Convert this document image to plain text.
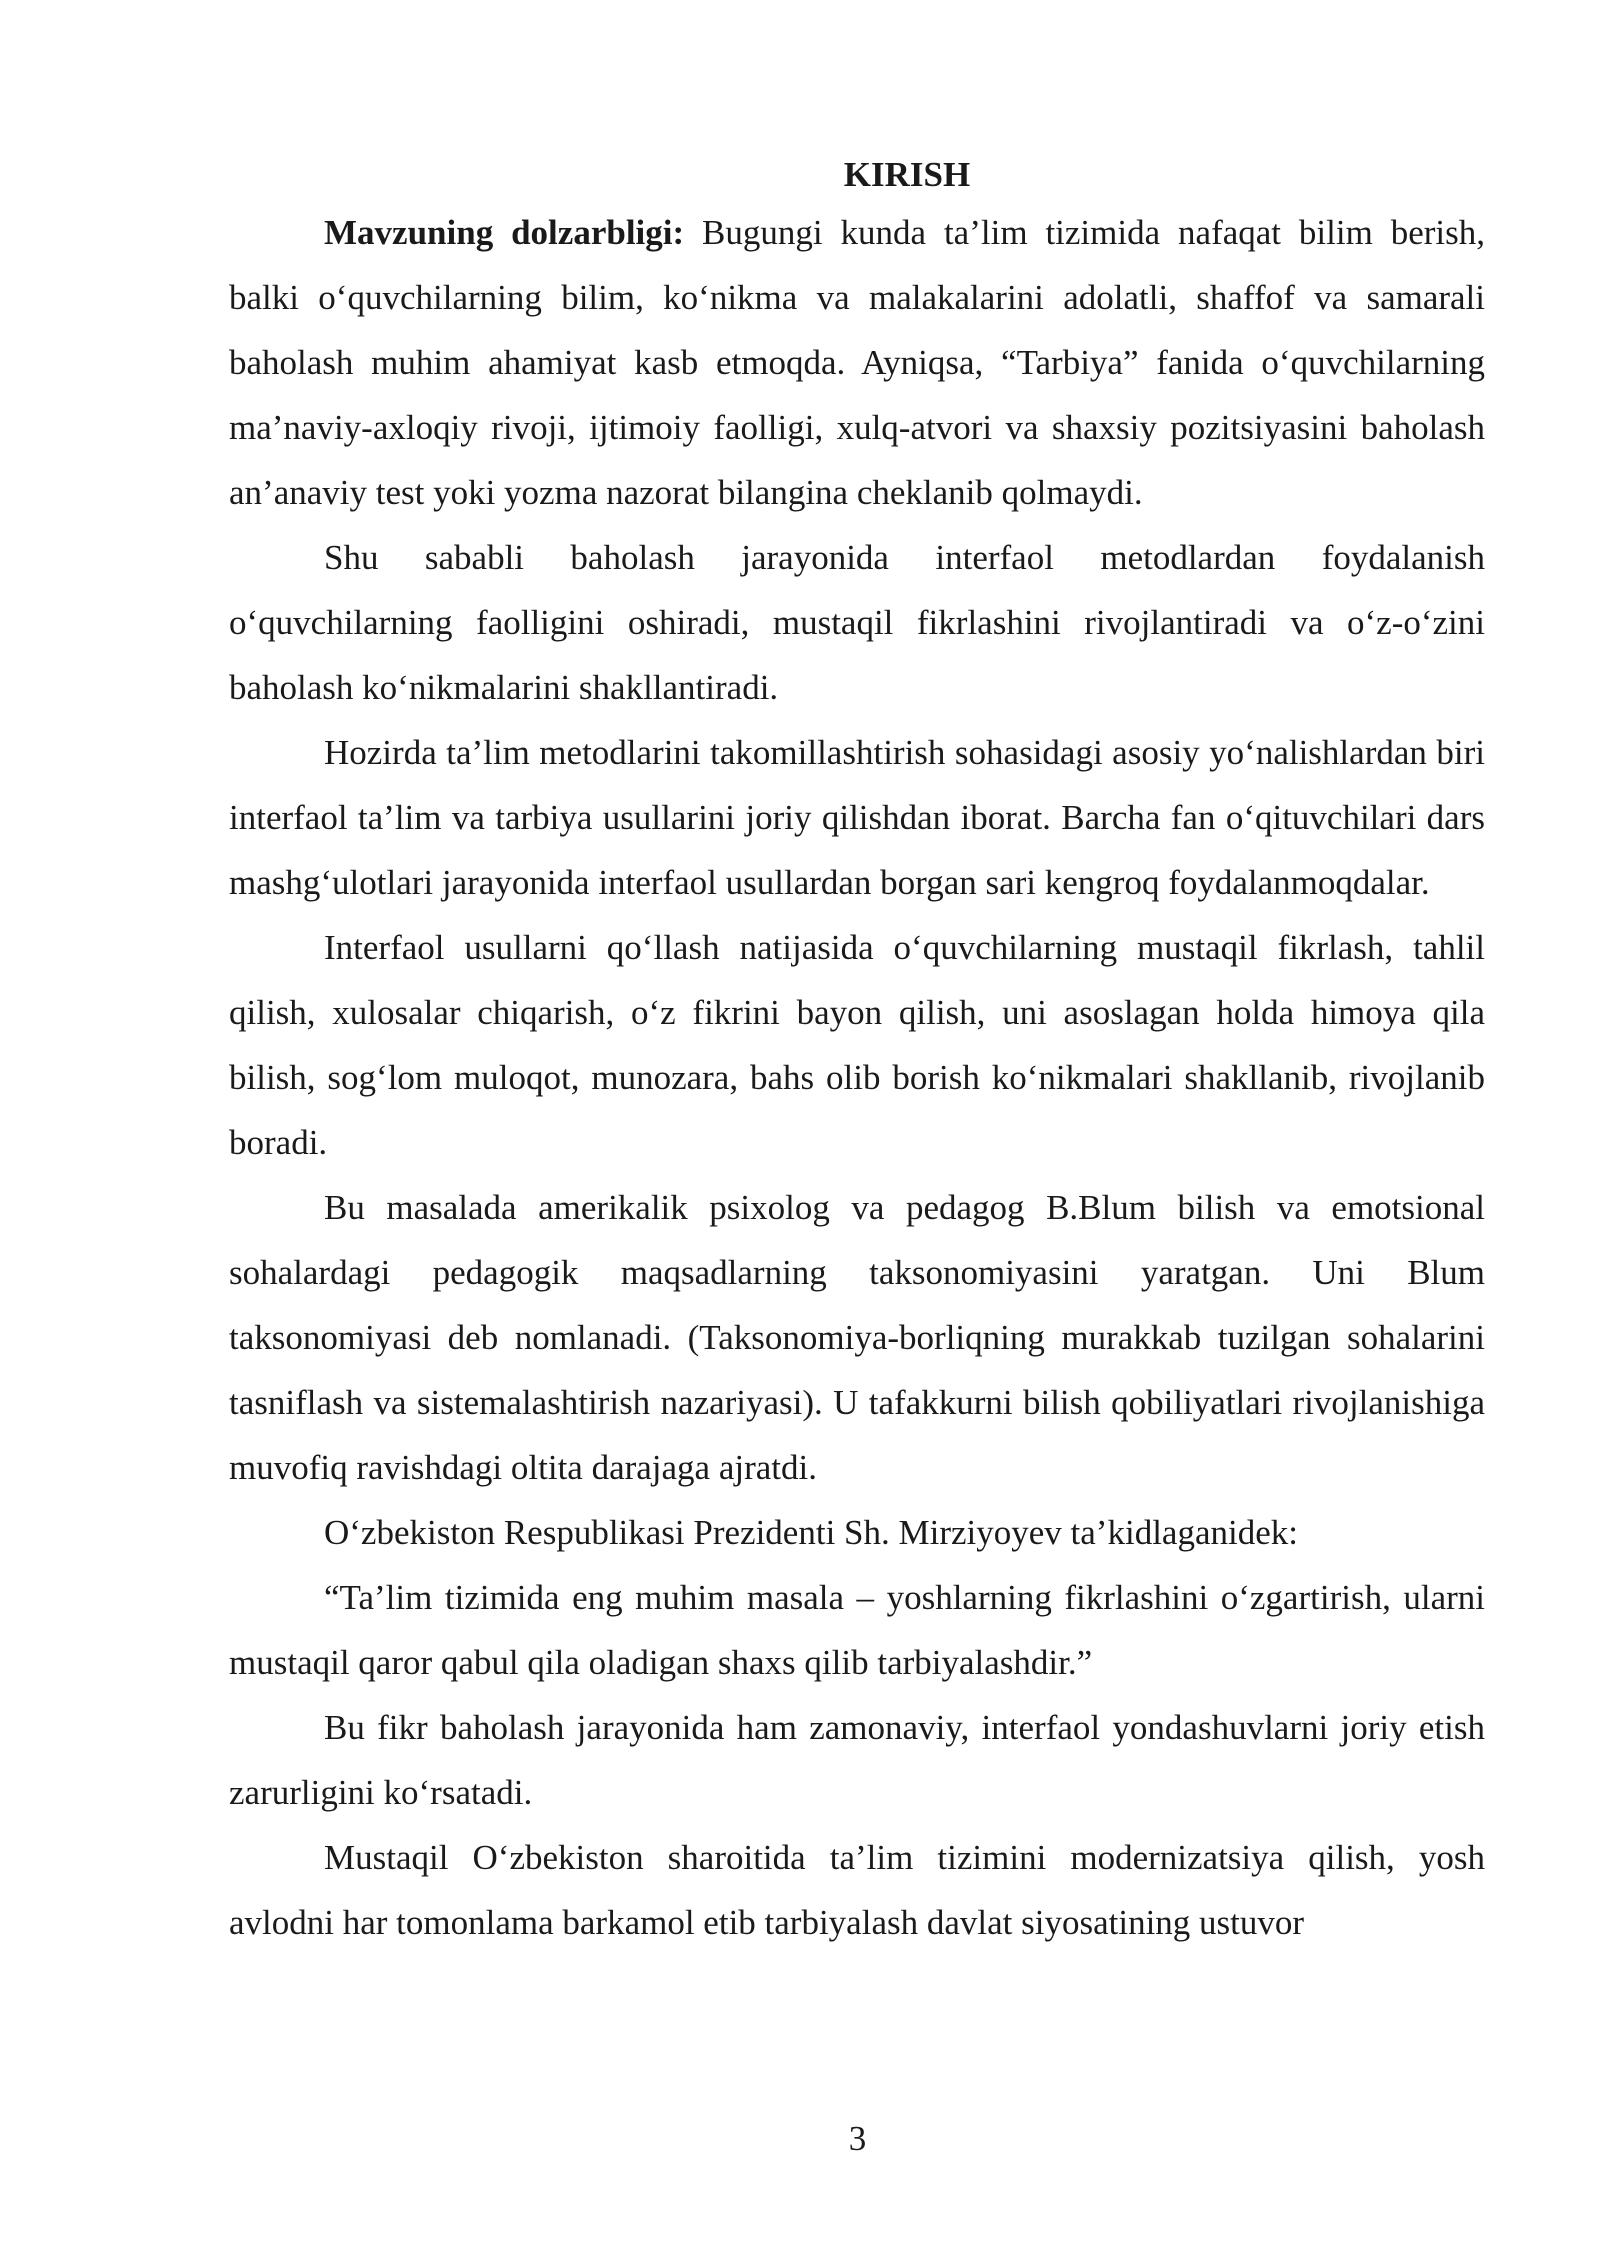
KIRISH

Mavzuning dolzarbligi: Bugungi kunda ta’lim tizimida nafaqat bilim berish, balki o‘quvchilarning bilim, ko‘nikma va malakalarini adolatli, shaffof va samarali baholash muhim ahamiyat kasb etmoqda. Ayniqsa, “Tarbiya” fanida o‘quvchilarning ma’naviy-axloqiy rivoji, ijtimoiy faolligi, xulq-atvori va shaxsiy pozitsiyasini baholash an’anaviy test yoki yozma nazorat bilangina cheklanib qolmaydi.

Shu sababli baholash jarayonida interfaol metodlardan foydalanish o‘quvchilarning faolligini oshiradi, mustaqil fikrlashini rivojlantiradi va o‘z-o‘zini baholash ko‘nikmalarini shakllantiradi.

Hozirda ta’lim metodlarini takomillashtirish sohasidagi asosiy yo‘nalishlardan biri interfaol ta’lim va tarbiya usullarini joriy qilishdan iborat. Barcha fan o‘qituvchilari dars mashg‘ulotlari jarayonida interfaol usullardan borgan sari kengroq foydalanmoqdalar.

Interfaol usullarni qo‘llash natijasida o‘quvchilarning mustaqil fikrlash, tahlil qilish, xulosalar chiqarish, o‘z fikrini bayon qilish, uni asoslagan holda himoya qila bilish, sog‘lom muloqot, munozara, bahs olib borish ko‘nikmalari shakllanib, rivojlanib boradi.

Bu masalada amerikalik psixolog va pedagog B.Blum bilish va emotsional sohalardagi pedagogik maqsadlarning taksonomiyasini yaratgan. Uni Blum taksonomiyasi deb nomlanadi. (Taksonomiya-borliqning murakkab tuzilgan sohalarini tasniflash va sistemalashtirish nazariyasi). U tafakkurni bilish qobiliyatlari rivojlanishiga muvofiq ravishdagi oltita darajaga ajratdi.

O‘zbekiston Respublikasi Prezidenti Sh. Mirziyoyev ta’kidlaganidek:

“Ta’lim tizimida eng muhim masala – yoshlarning fikrlashini o‘zgartirish, ularni mustaqil qaror qabul qila oladigan shaxs qilib tarbiyalashdir.”

Bu fikr baholash jarayonida ham zamonaviy, interfaol yondashuvlarni joriy etish zarurligini ko‘rsatadi.

Mustaqil O‘zbekiston sharoitida ta’lim tizimini modernizatsiya qilish, yosh avlodni har tomonlama barkamol etib tarbiyalash davlat siyosatining ustuvor

3
